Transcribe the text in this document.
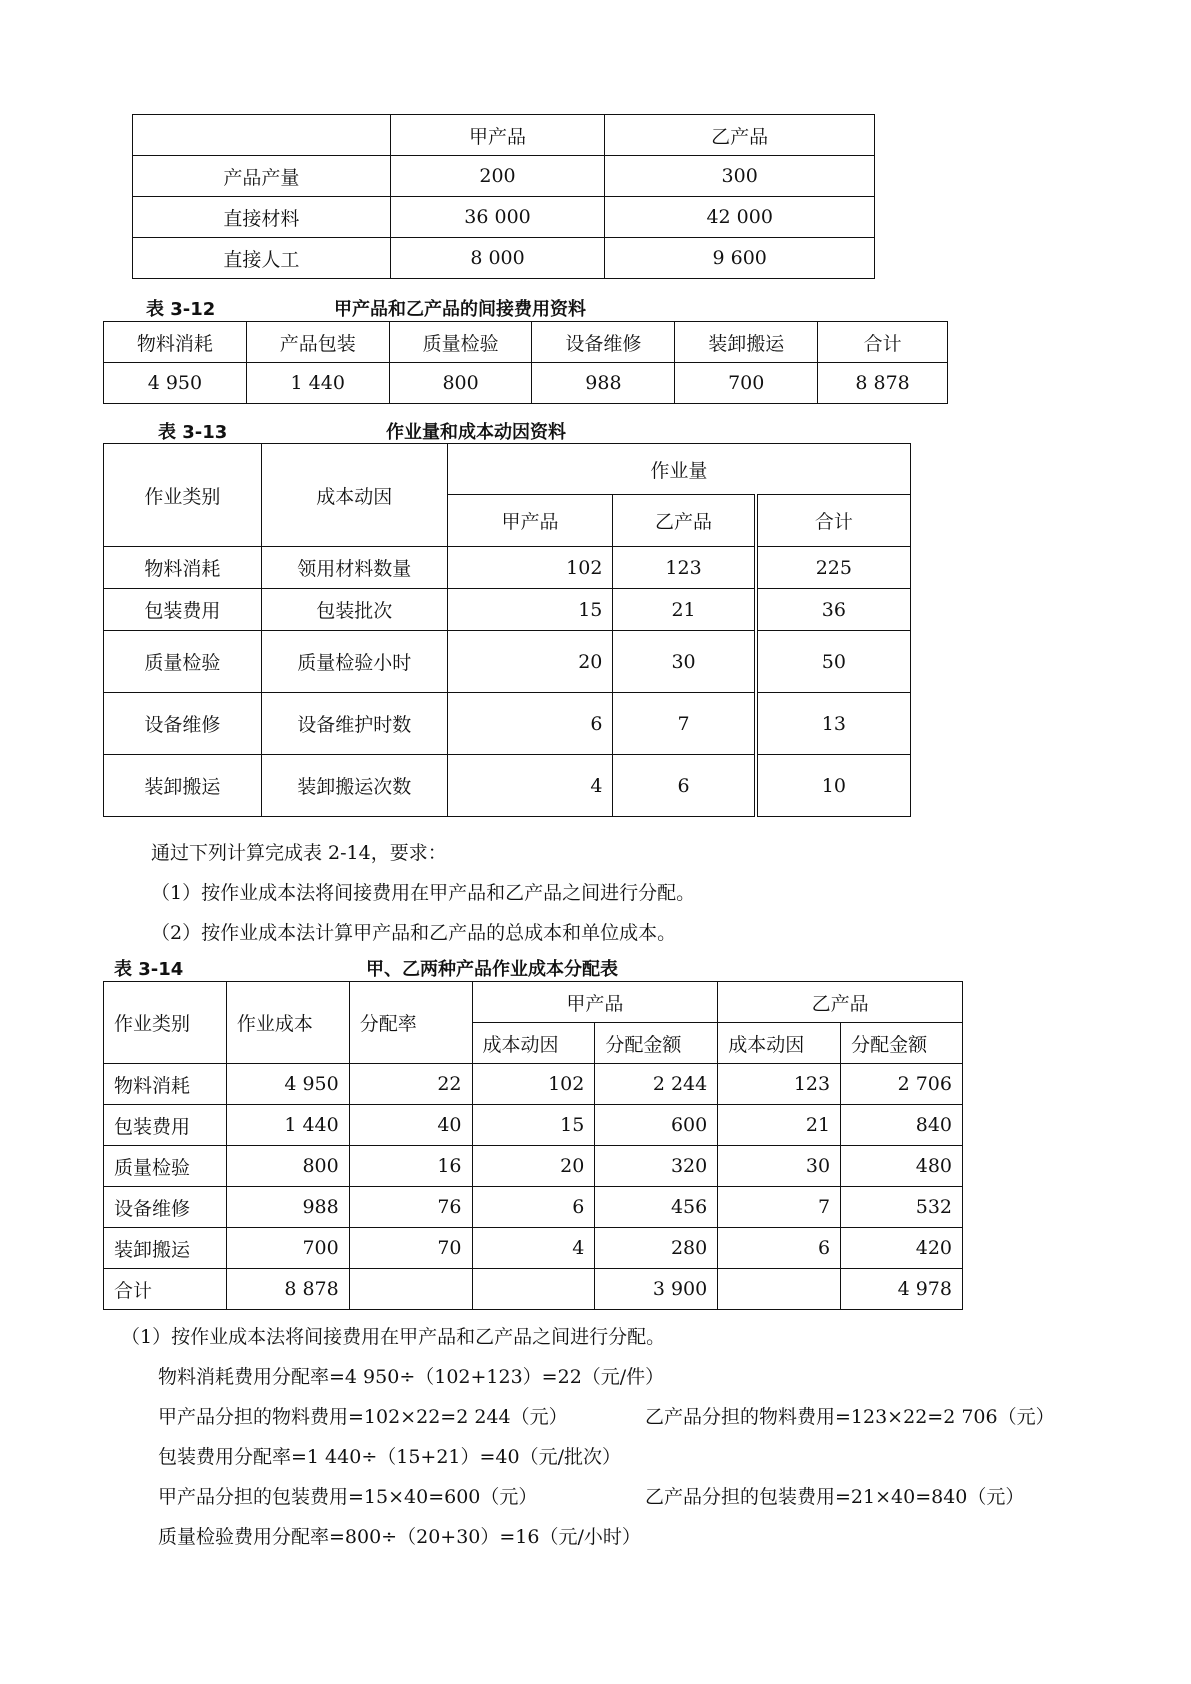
	甲产品	乙产品
产品产量	200	300
直接材料	36 000	42 000
直接人工	8 000	9 600
表 3-12	甲产品和乙产品的间接费用资料
物料消耗	产品包装	质量检验	设备维修	装卸搬运	合计
4 950	1 440	800	988	700	8 878
表 3-13	作业量和成本动因资料
作业类别	成本动因	作业量		
		甲产品	乙产品	合计
物料消耗	领用材料数量	102	123	225
包装费用	包装批次	15	21	36
质量检验	质量检验小时	20	30	50
设备维修	设备维护时数	6	7	13
装卸搬运	装卸搬运次数	4	6	10
通过下列计算完成表 2-14，要求：
（1）按作业成本法将间接费用在甲产品和乙产品之间进行分配。
（2）按作业成本法计算甲产品和乙产品的总成本和单位成本。
表 3-14	甲、乙两种产品作业成本分配表
作业类别	作业成本	分配率	甲产品		乙产品	
			成本动因	分配金额	成本动因	分配金额
物料消耗	4 950	22	102	2 244	123	2 706
包装费用	1 440	40	15	600	21	840
质量检验	800	16	20	320	30	480
设备维修	988	76	6	456	7	532
装卸搬运	700	70	4	280	6	420
合计	8 878			3 900		4 978
（1）按作业成本法将间接费用在甲产品和乙产品之间进行分配。
物料消耗费用分配率=4 950÷（102+123）=22（元/件）
甲产品分担的物料费用=102×22=2 244（元）	乙产品分担的物料费用=123×22=2 706（元）
包装费用分配率=1 440÷（15+21）=40（元/批次）
甲产品分担的包装费用=15×40=600（元）	乙产品分担的包装费用=21×40=840（元）
质量检验费用分配率=800÷（20+30）=16（元/小时）
